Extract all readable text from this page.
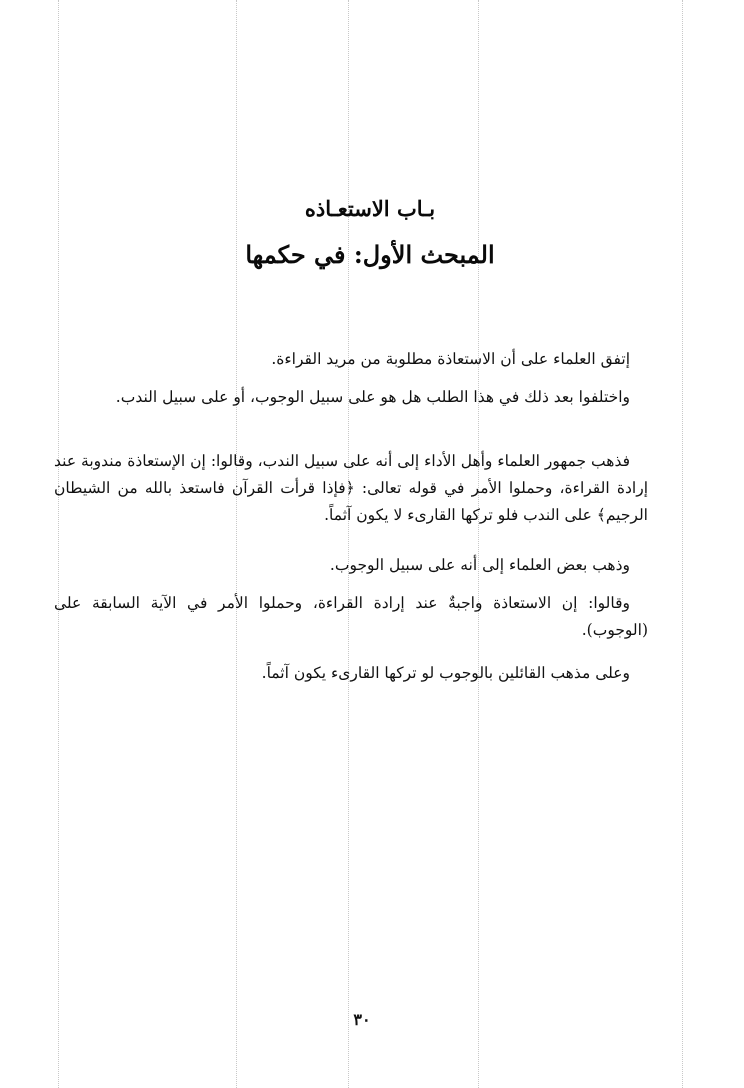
بـاب الاستعـاذه
المبحث الأول: في حكمها

إتفق العلماء على أن الاستعاذة مطلوبة من مريد القراءة.

واختلفوا بعد ذلك في هذا الطلب هل هو على سبيل الوجوب، أو على سبيل الندب.

فذهب جمهور العلماء وأهل الأداء إلى أنه على سبيل الندب، وقالوا: إن الإستعاذة مندوبة عند إرادة القراءة، وحملوا الأمر في قوله تعالى: ﴿فإذا قرأت القرآن فاستعذ بالله من الشيطان الرجيم﴾ على الندب فلو تركها القارىء لا يكون آثماً.

وذهب بعض العلماء إلى أنه على سبيل الوجوب.

وقالوا: إن الاستعاذة واجبةٌ عند إرادة القراءة، وحملوا الأمر في الآية السابقة على (الوجوب).

وعلى مذهب القائلين بالوجوب لو تركها القارىء يكون آثماً.

٣٠
